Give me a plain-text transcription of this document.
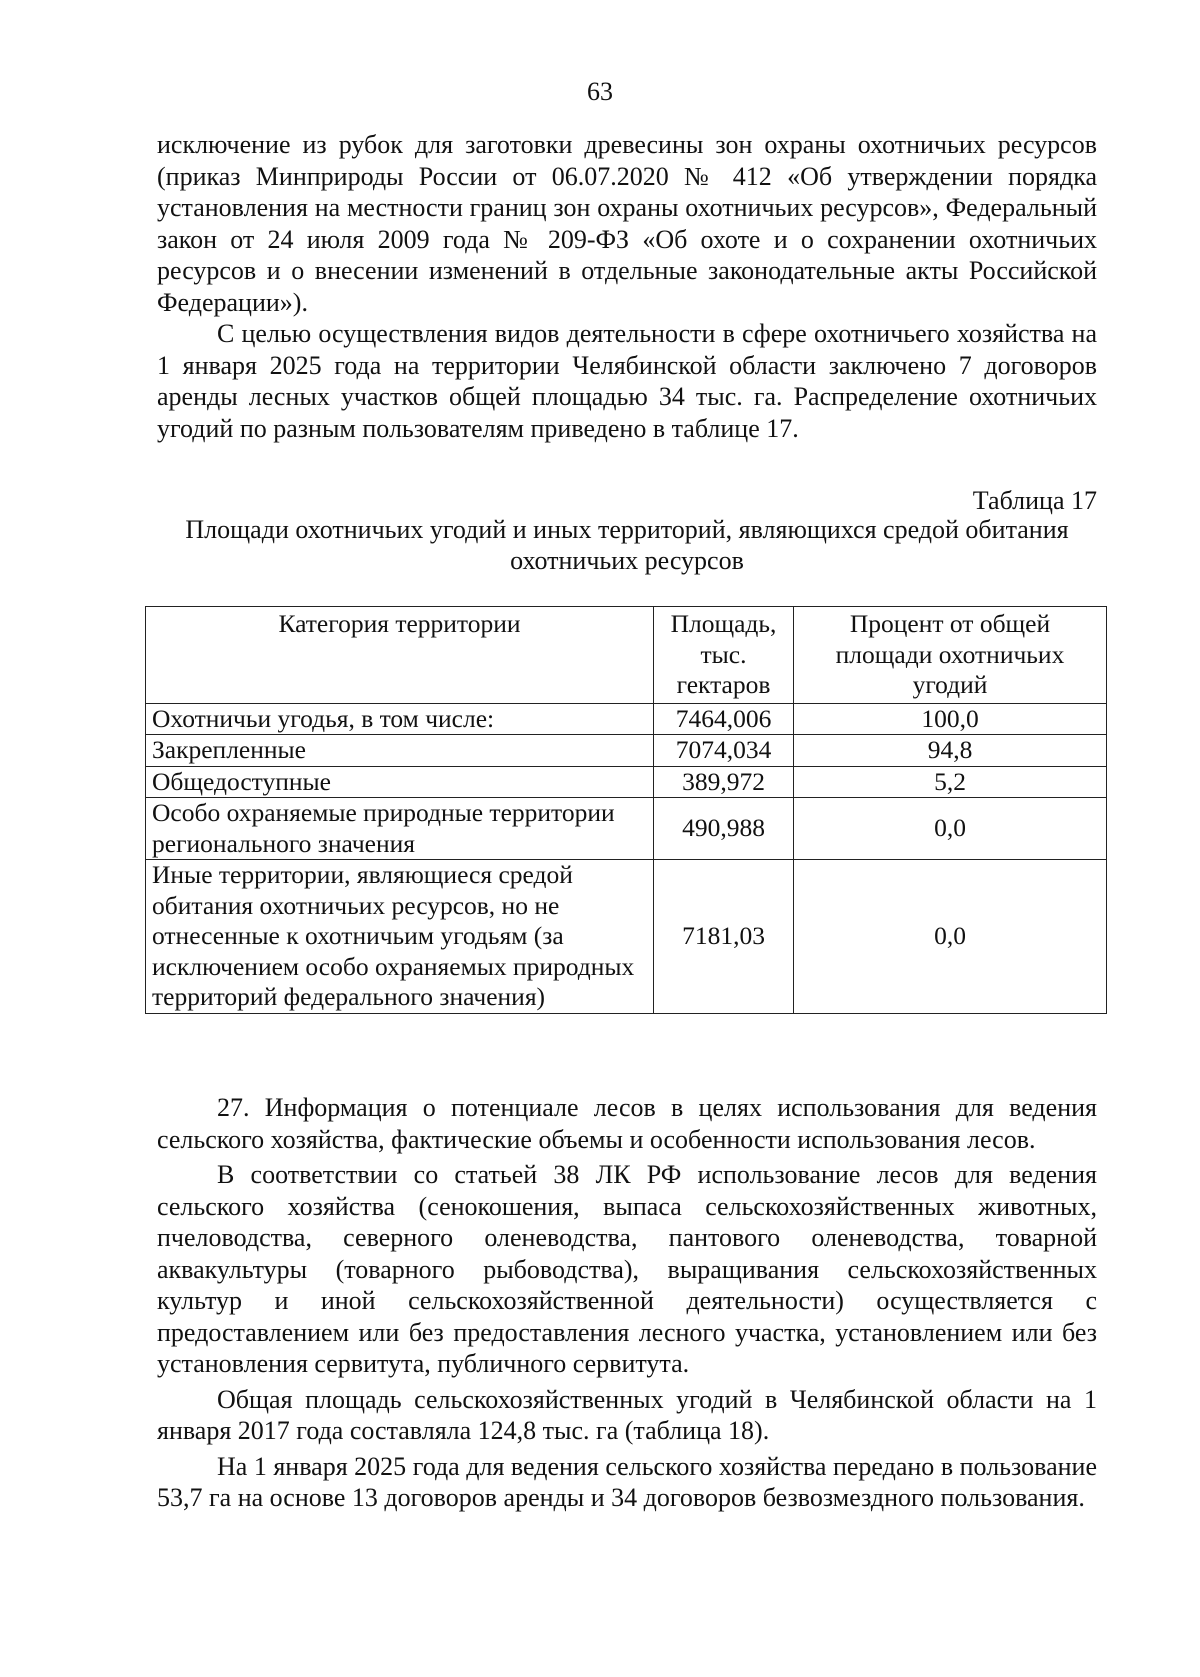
63

исключение из рубок для заготовки древесины зон охраны охотничьих ресурсов (приказ Минприроды России от 06.07.2020 № 412 «Об утверждении порядка установления на местности границ зон охраны охотничьих ресурсов», Федеральный закон от 24 июля 2009 года № 209-ФЗ «Об охоте и о сохранении охотничьих ресурсов и о внесении изменений в отдельные законодательные акты Российской Федерации»).

С целью осуществления видов деятельности в сфере охотничьего хозяйства на 1 января 2025 года на территории Челябинской области заключено 7 договоров аренды лесных участков общей площадью 34 тыс. га. Распределение охотничьих угодий по разным пользователям приведено в таблице 17.

Таблица 17

Площади охотничьих угодий и иных территорий, являющихся средой обитания охотничьих ресурсов

Категория территории	Площадь, тыс. гектаров	Процент от общей площади охотничьих угодий
Охотничьи угодья, в том числе:	7464,006	100,0
Закрепленные	7074,034	94,8
Общедоступные	389,972	5,2
Особо охраняемые природные территории регионального значения	490,988	0,0
Иные территории, являющиеся средой обитания охотничьих ресурсов, но не отнесенные к охотничьим угодьям (за исключением особо охраняемых природных территорий федерального значения)	7181,03	0,0

27. Информация о потенциале лесов в целях использования для ведения сельского хозяйства, фактические объемы и особенности использования лесов.

В соответствии со статьей 38 ЛК РФ использование лесов для ведения сельского хозяйства (сенокошения, выпаса сельскохозяйственных животных, пчеловодства, северного оленеводства, пантового оленеводства, товарной аквакультуры (товарного рыбоводства), выращивания сельскохозяйственных культур и иной сельскохозяйственной деятельности) осуществляется с предоставлением или без предоставления лесного участка, установлением или без установления сервитута, публичного сервитута.

Общая площадь сельскохозяйственных угодий в Челябинской области на 1 января 2017 года составляла 124,8 тыс. га (таблица 18).

На 1 января 2025 года для ведения сельского хозяйства передано в пользование 53,7 га на основе 13 договоров аренды и 34 договоров безвозмездного пользования.
